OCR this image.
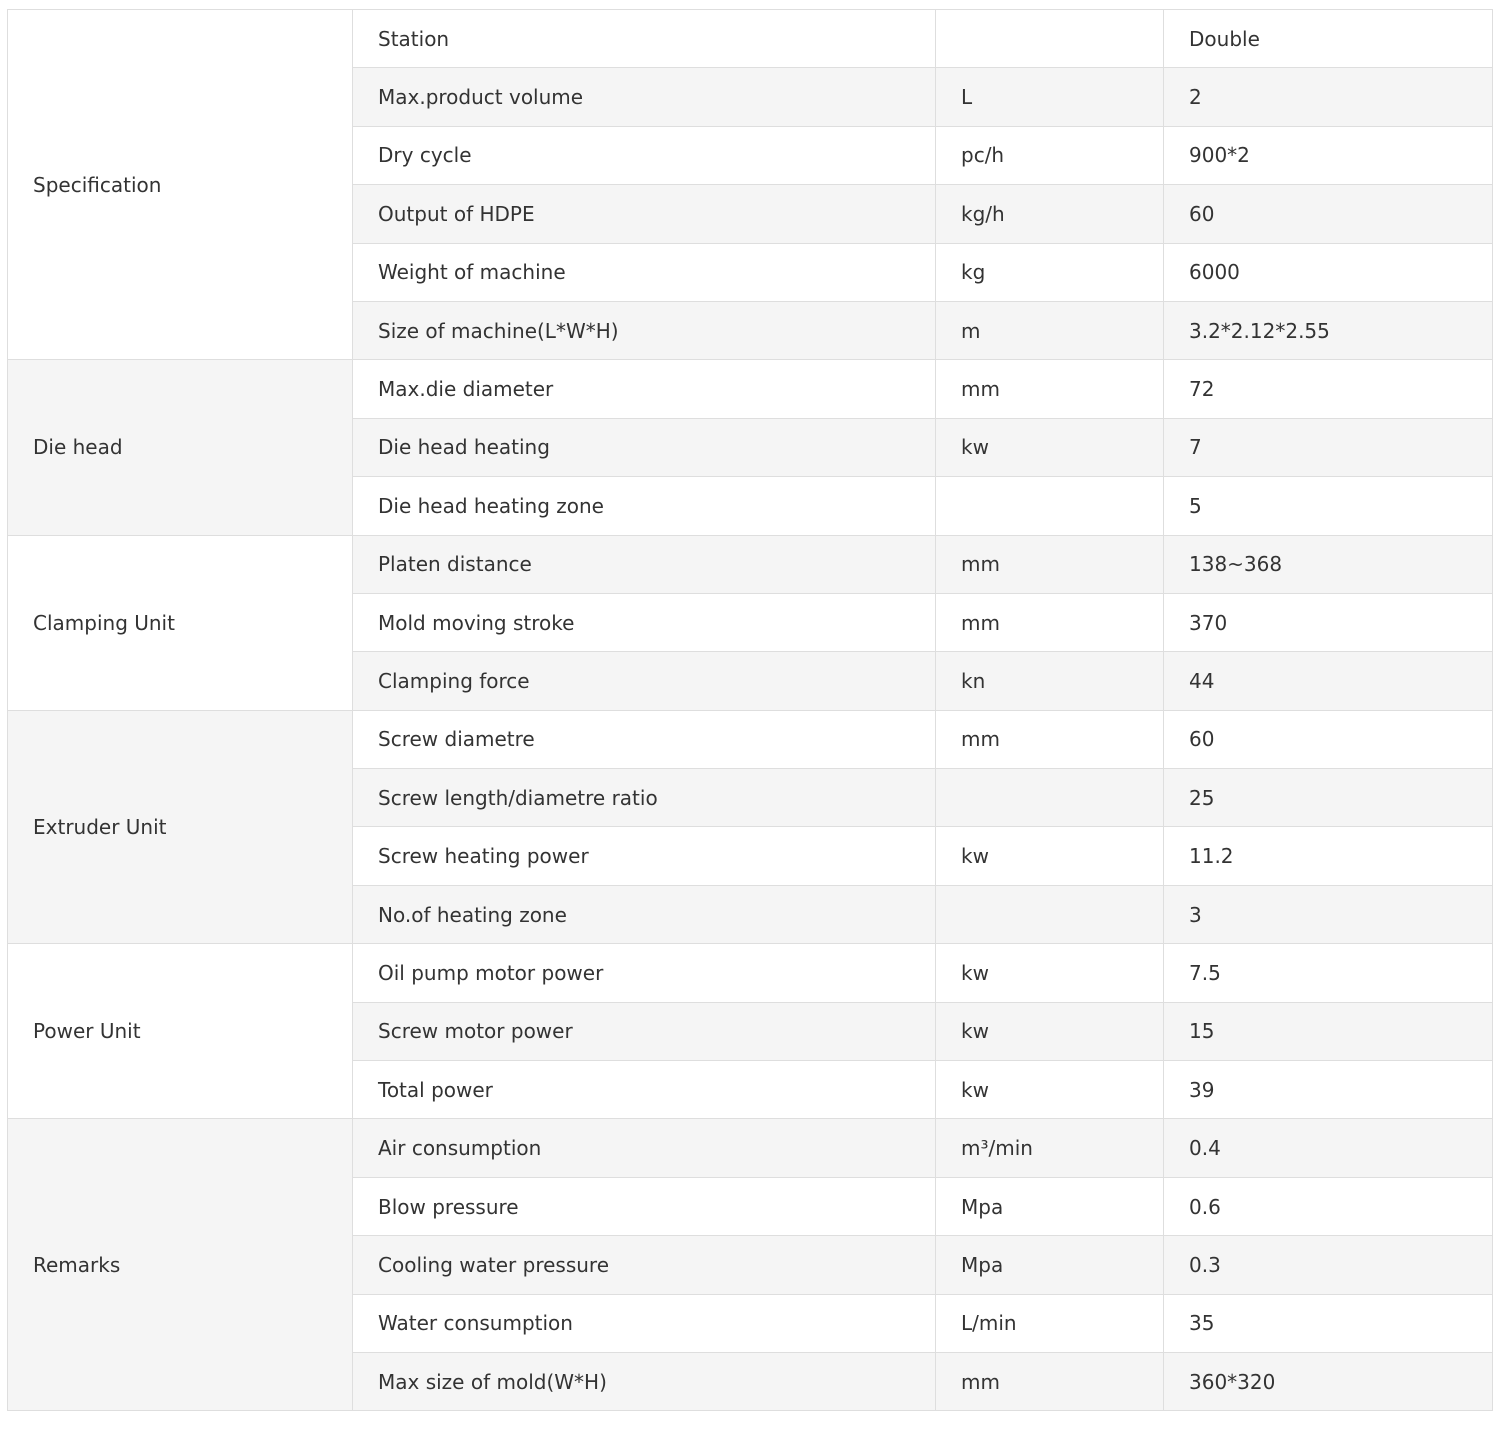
Specification	Station		Double
	Max.product volume	L	2
	Dry cycle	pc/h	900*2
	Output of HDPE	kg/h	60
	Weight of machine	kg	6000
	Size of machine(L*W*H)	m	3.2*2.12*2.55
Die head	Max.die diameter	mm	72
	Die head heating	kw	7
	Die head heating zone		5
Clamping Unit	Platen distance	mm	138~368
	Mold moving stroke	mm	370
	Clamping force	kn	44
Extruder Unit	Screw diametre	mm	60
	Screw length/diametre ratio		25
	Screw heating power	kw	11.2
	No.of heating zone		3
Power Unit	Oil pump motor power	kw	7.5
	Screw motor power	kw	15
	Total power	kw	39
Remarks	Air consumption	m³/min	0.4
	Blow pressure	Mpa	0.6
	Cooling water pressure	Mpa	0.3
	Water consumption	L/min	35
	Max size of mold(W*H)	mm	360*320
